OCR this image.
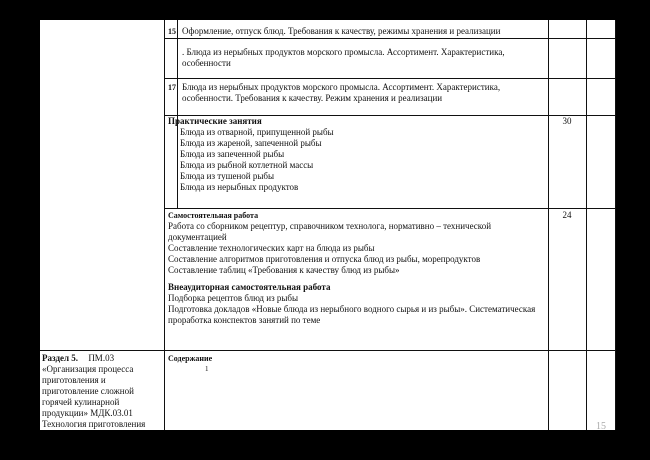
15 Оформление, отпуск блюд. Требования к качеству, режимы хранения и реализации
. Блюда из нерыбных продуктов морского промысла. Ассортимент. Характеристика, особенности
17 Блюда из нерыбных продуктов морского промысла. Ассортимент. Характеристика, особенности. Требования к качеству. Режим хранения и реализации
Практические занятия	30
Блюда из отварной, припущенной рыбы
Блюда из жареной, запеченной рыбы
Блюда из запеченной рыбы
Блюда из рыбной котлетной массы
Блюда из тушеной рыбы
Блюда из нерыбных продуктов
Самостоятельная работа	24
Работа со сборником рецептур, справочником технолога, нормативно – технической документацией
Составление технологических карт на блюда из рыбы
Составление алгоритмов приготовления и отпуска блюд из рыбы, морепродуктов
Составление таблиц «Требования к качеству блюд из рыбы»
Внеаудиторная самостоятельная работа
Подборка рецептов блюд из рыбы
Подготовка докладов «Новые блюда из нерыбного водного сырья и из рыбы». Систематическая проработка конспектов занятий по теме
Раздел 5. ПМ.03
«Организация процесса приготовления и приготовление сложной горячей кулинарной продукции» МДК.03.01 Технология приготовления
Содержание
1
15
